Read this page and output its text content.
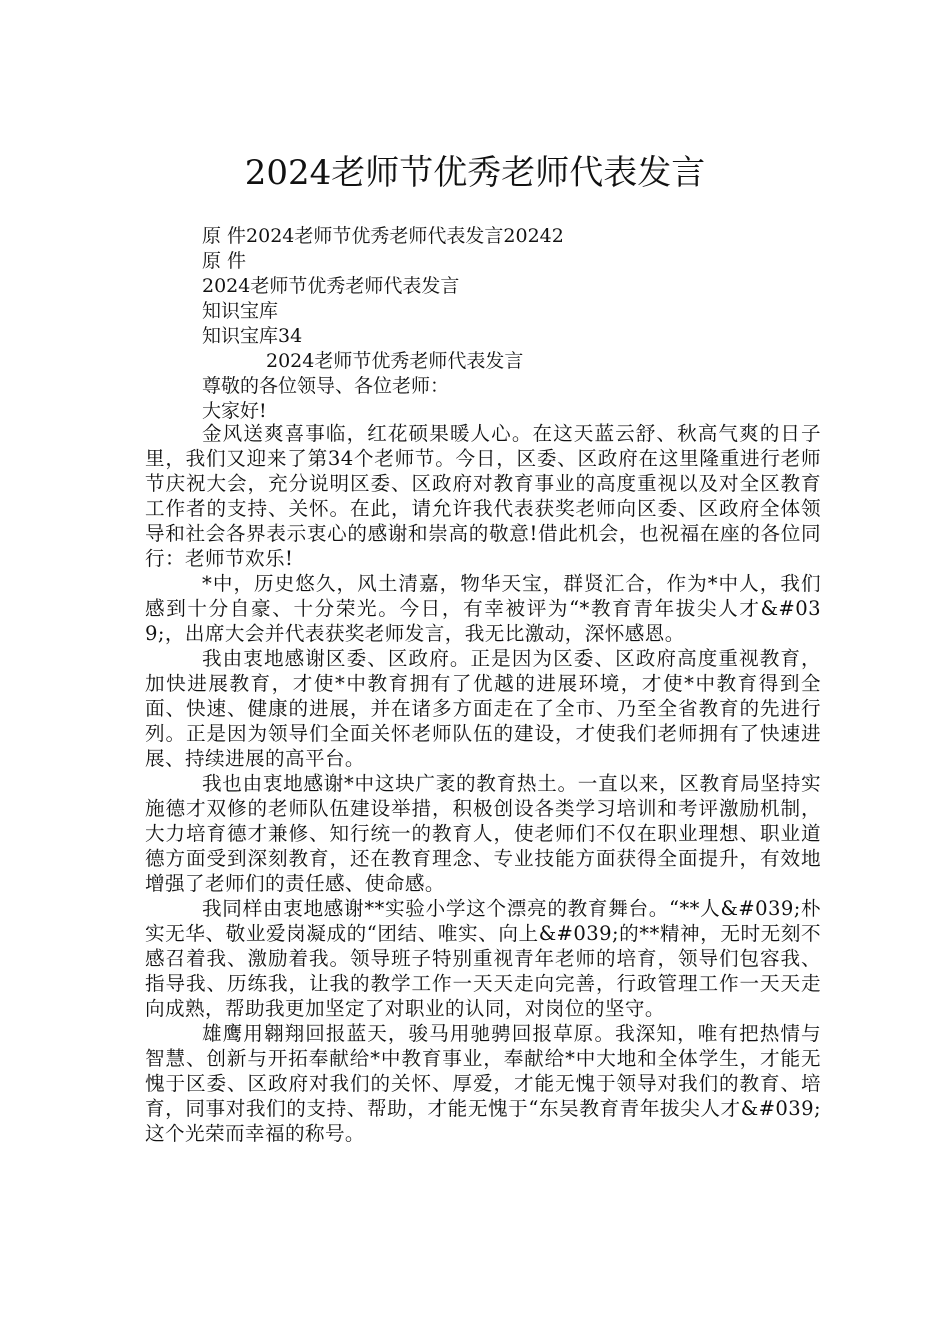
2024老师节优秀老师代表发言
原 件2024老师节优秀老师代表发言20242
原 件
2024老师节优秀老师代表发言
知识宝库
知识宝库34
2024老师节优秀老师代表发言
尊敬的各位领导、各位老师：
大家好!

金风送爽喜事临，红花硕果暖人心。在这天蓝云舒、秋高气爽的日子里，我们又迎来了第34个老师节。今日，区委、区政府在这里隆重进行老师节庆祝大会，充分说明区委、区政府对教育事业的高度重视以及对全区教育工作者的支持、关怀。在此，请允许我代表获奖老师向区委、区政府全体领导和社会各界表示衷心的感谢和崇高的敬意!借此机会，也祝福在座的各位同行：老师节欢乐!

*中，历史悠久，风土清嘉，物华天宝，群贤汇合，作为*中人，我们感到十分自豪、十分荣光。今日，有幸被评为“*教育青年拔尖人才&#039;，出席大会并代表获奖老师发言，我无比激动，深怀感恩。

我由衷地感谢区委、区政府。正是因为区委、区政府高度重视教育，加快进展教育，才使*中教育拥有了优越的进展环境，才使*中教育得到全面、快速、健康的进展，并在诸多方面走在了全市、乃至全省教育的先进行列。正是因为领导们全面关怀老师队伍的建设，才使我们老师拥有了快速进展、持续进展的高平台。

我也由衷地感谢*中这块广袤的教育热土。一直以来，区教育局坚持实施德才双修的老师队伍建设举措，积极创设各类学习培训和考评激励机制，大力培育德才兼修、知行统一的教育人，使老师们不仅在职业理想、职业道德方面受到深刻教育，还在教育理念、专业技能方面获得全面提升，有效地增强了老师们的责任感、使命感。

我同样由衷地感谢**实验小学这个漂亮的教育舞台。“**人&#039;朴实无华、敬业爱岗凝成的“团结、唯实、向上&#039;的**精神，无时无刻不感召着我、激励着我。领导班子特别重视青年老师的培育，领导们包容我、指导我、历练我，让我的教学工作一天天走向完善，行政管理工作一天天走向成熟，帮助我更加坚定了对职业的认同，对岗位的坚守。

雄鹰用翱翔回报蓝天，骏马用驰骋回报草原。我深知，唯有把热情与智慧、创新与开拓奉献给*中教育事业，奉献给*中大地和全体学生，才能无愧于区委、区政府对我们的关怀、厚爱，才能无愧于领导对我们的教育、培育，同事对我们的支持、帮助，才能无愧于“东吴教育青年拔尖人才&#039;这个光荣而幸福的称号。
